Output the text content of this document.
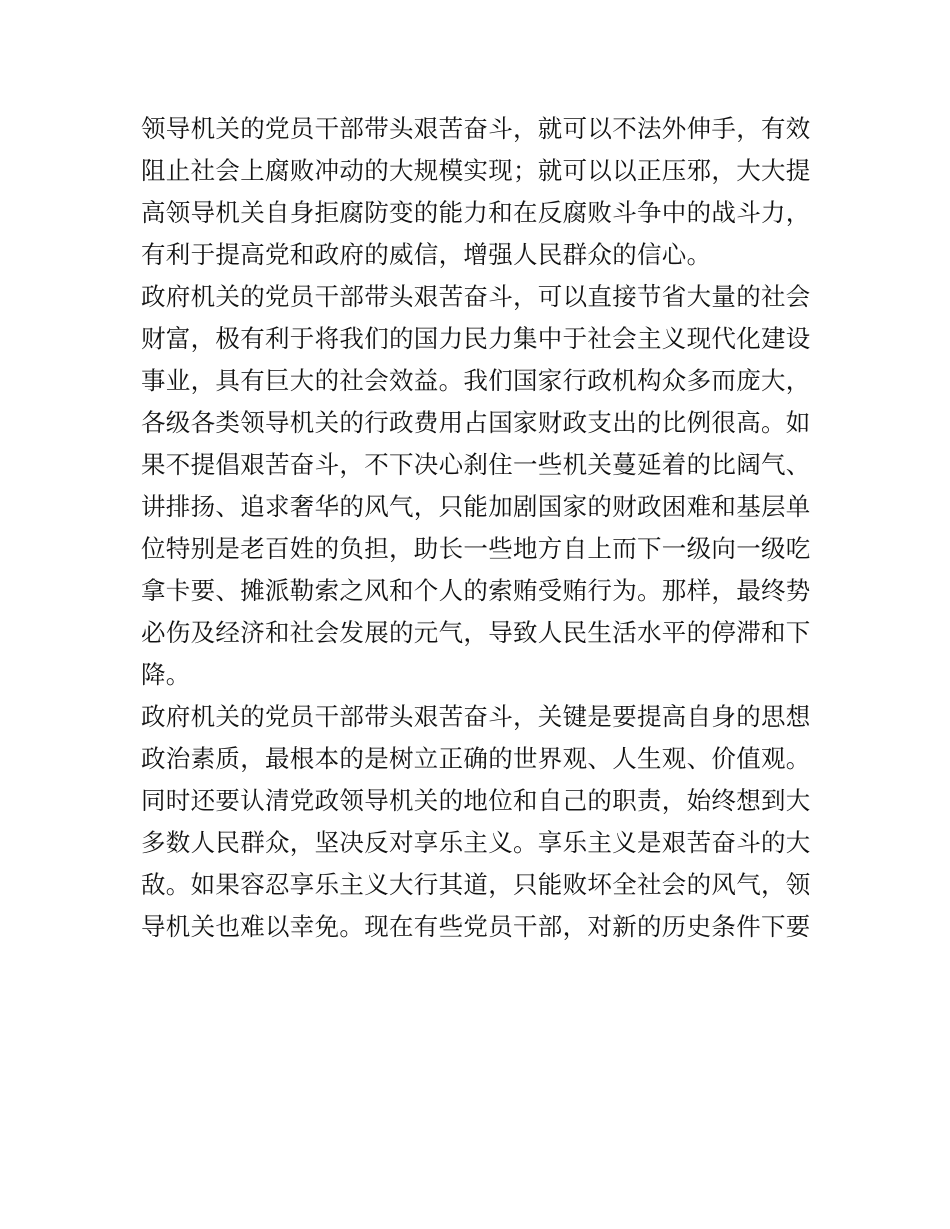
领导机关的党员干部带头艰苦奋斗，就可以不法外伸手，有效
阻止社会上腐败冲动的大规模实现；就可以以正压邪，大大提
高领导机关自身拒腐防变的能力和在反腐败斗争中的战斗力，
有利于提高党和政府的威信，增强人民群众的信心。
政府机关的党员干部带头艰苦奋斗，可以直接节省大量的社会
财富，极有利于将我们的国力民力集中于社会主义现代化建设
事业，具有巨大的社会效益。我们国家行政机构众多而庞大，
各级各类领导机关的行政费用占国家财政支出的比例很高。如
果不提倡艰苦奋斗，不下决心刹住一些机关蔓延着的比阔气、
讲排扬、追求奢华的风气，只能加剧国家的财政困难和基层单
位特别是老百姓的负担，助长一些地方自上而下一级向一级吃
拿卡要、摊派勒索之风和个人的索贿受贿行为。那样，最终势
必伤及经济和社会发展的元气，导致人民生活水平的停滞和下
降。
政府机关的党员干部带头艰苦奋斗，关键是要提高自身的思想
政治素质，最根本的是树立正确的世界观、人生观、价值观。
同时还要认清党政领导机关的地位和自己的职责，始终想到大
多数人民群众，坚决反对享乐主义。享乐主义是艰苦奋斗的大
敌。如果容忍享乐主义大行其道，只能败坏全社会的风气，领
导机关也难以幸免。现在有些党员干部，对新的历史条件下要
